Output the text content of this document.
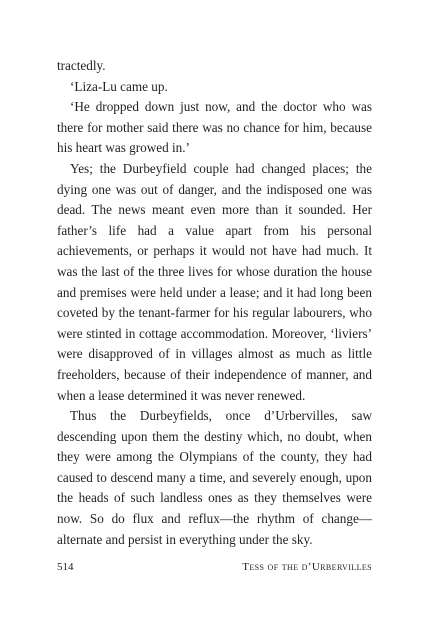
tractedly.

‘Liza-Lu came up.

‘He dropped down just now, and the doctor who was there for mother said there was no chance for him, because his heart was growed in.’

Yes; the Durbeyfield couple had changed places; the dying one was out of danger, and the indisposed one was dead. The news meant even more than it sounded. Her father’s life had a value apart from his personal achievements, or perhaps it would not have had much. It was the last of the three lives for whose duration the house and premises were held under a lease; and it had long been coveted by the tenant-farmer for his regular labourers, who were stinted in cottage accommodation. Moreover, ‘liviers’ were disapproved of in villages almost as much as little freeholders, because of their independence of manner, and when a lease determined it was never renewed.

Thus the Durbeyfields, once d’Urbervilles, saw descending upon them the destiny which, no doubt, when they were among the Olympians of the county, they had caused to descend many a time, and severely enough, upon the heads of such landless ones as they themselves were now. So do flux and reflux—the rhythm of change—alternate and persist in everything under the sky.

514	Tess of the d’Urbervilles
